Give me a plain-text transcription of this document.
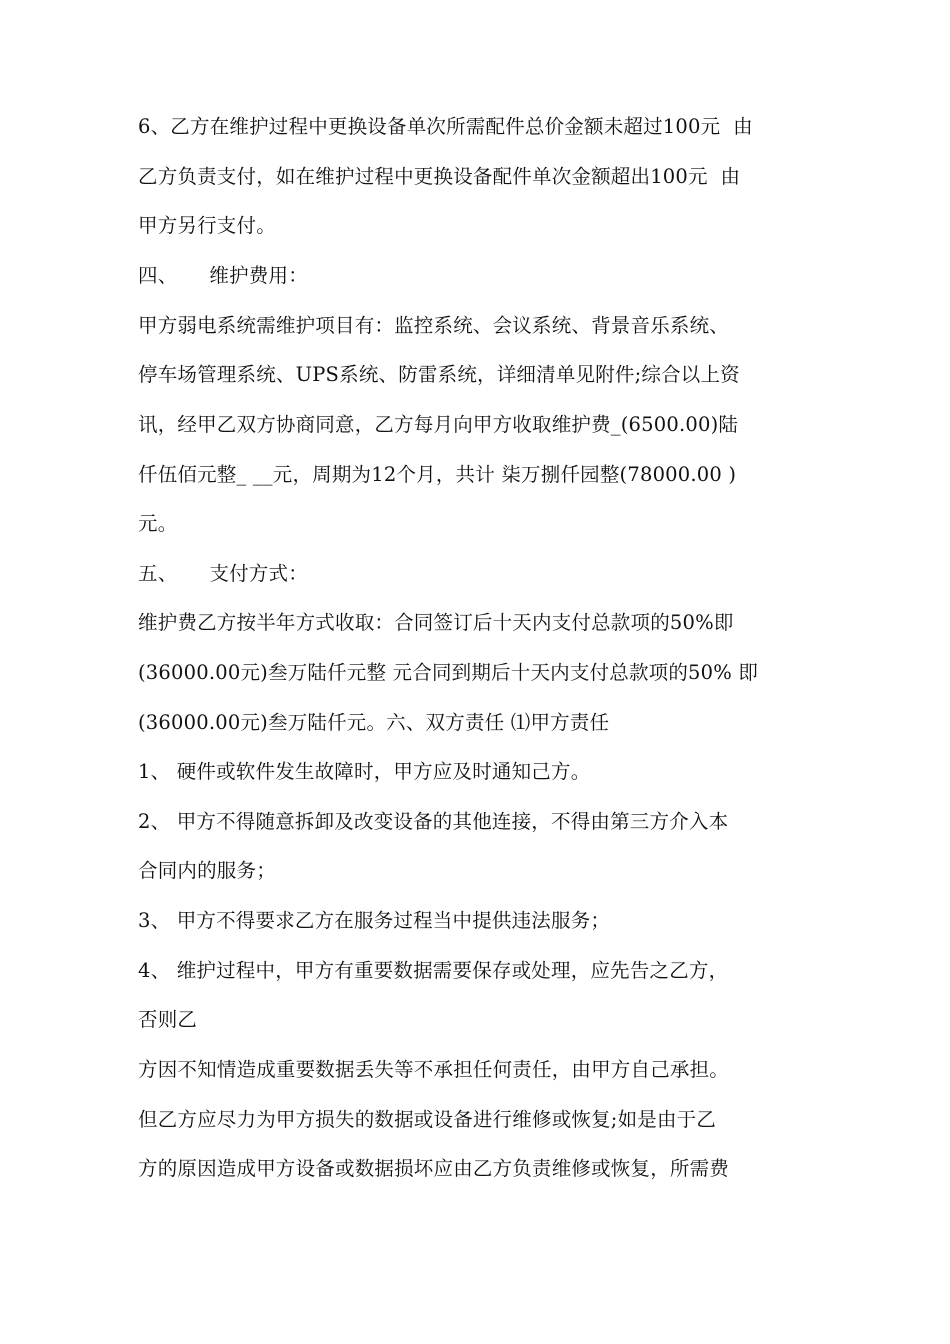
6、乙方在维护过程中更换设备单次所需配件总价金额未超过100元  由
乙方负责支付，如在维护过程中更换设备配件单次金额超出100元  由
甲方另行支付。
四、     维护费用：
甲方弱电系统需维护项目有：监控系统、会议系统、背景音乐系统、
停车场管理系统、UPS系统、防雷系统，详细清单见附件;综合以上资
讯，经甲乙双方协商同意，乙方每月向甲方收取维护费_(6500.00)陆
仟伍佰元整_ __元，周期为12个月，共计 柒万捌仟园整(78000.00 )
元。
五、     支付方式：
维护费乙方按半年方式收取：合同签订后十天内支付总款项的50%即
(36000.00元)叁万陆仟元整 元合同到期后十天内支付总款项的50% 即
(36000.00元)叁万陆仟元。六、双方责任 ⑴甲方责任
1、 硬件或软件发生故障时，甲方应及时通知己方。
2、 甲方不得随意拆卸及改变设备的其他连接，不得由第三方介入本
合同内的服务；
3、 甲方不得要求乙方在服务过程当中提供违法服务；
4、 维护过程中，甲方有重要数据需要保存或处理，应先告之乙方，
否则乙
方因不知情造成重要数据丢失等不承担任何责任，由甲方自己承担。
但乙方应尽力为甲方损失的数据或设备进行维修或恢复;如是由于乙
方的原因造成甲方设备或数据损坏应由乙方负责维修或恢复，所需费
